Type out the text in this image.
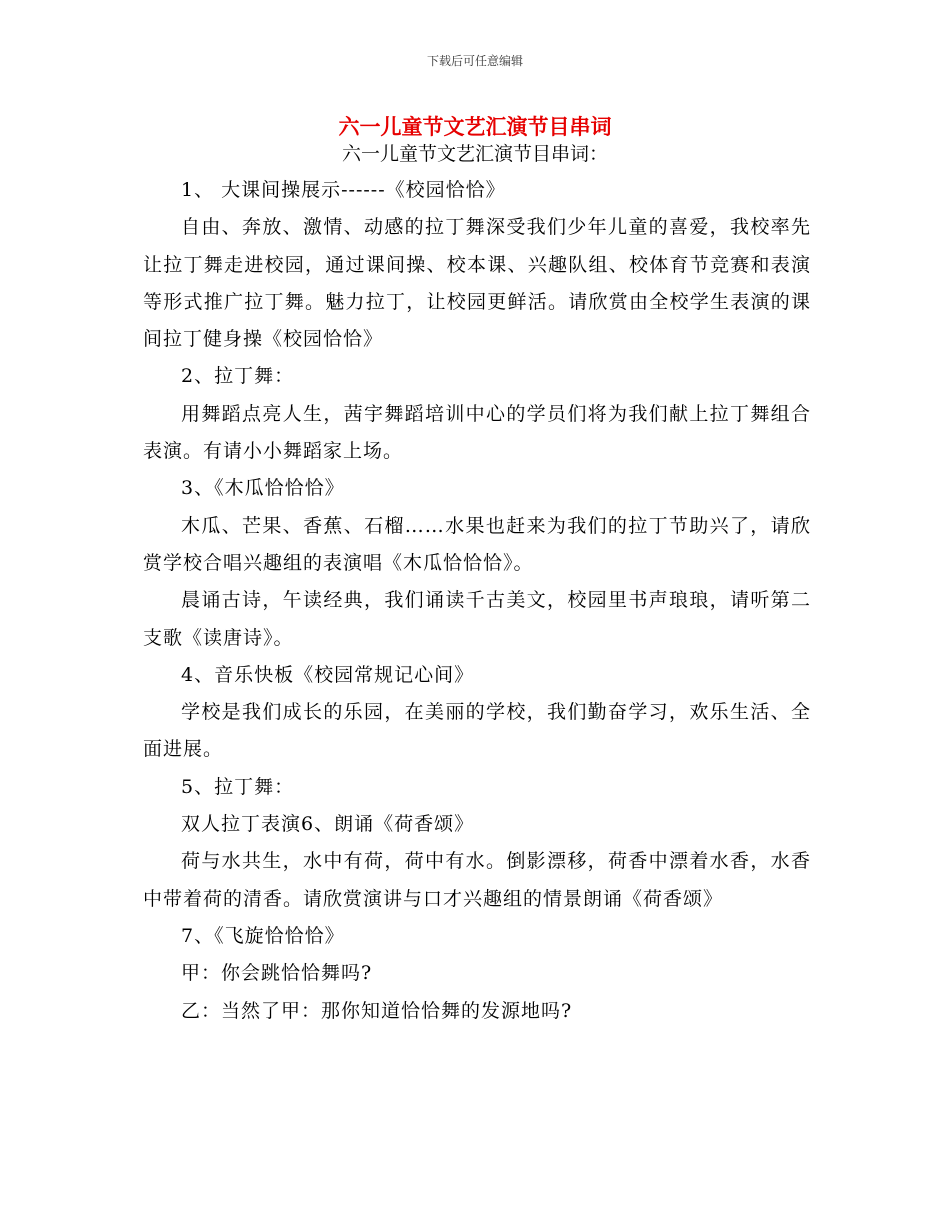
下载后可任意编辑
六一儿童节文艺汇演节目串词
六一儿童节文艺汇演节目串词：

1、 大课间操展示------《校园恰恰》

自由、奔放、激情、动感的拉丁舞深受我们少年儿童的喜爱，我校率先让拉丁舞走进校园，通过课间操、校本课、兴趣队组、校体育节竞赛和表演等形式推广拉丁舞。魅力拉丁，让校园更鲜活。请欣赏由全校学生表演的课间拉丁健身操《校园恰恰》

2、拉丁舞：

用舞蹈点亮人生，茜宇舞蹈培训中心的学员们将为我们献上拉丁舞组合表演。有请小小舞蹈家上场。

3、《木瓜恰恰恰》

木瓜、芒果、香蕉、石榴……水果也赶来为我们的拉丁节助兴了，请欣赏学校合唱兴趣组的表演唱《木瓜恰恰恰》。

晨诵古诗，午读经典，我们诵读千古美文，校园里书声琅琅，请听第二支歌《读唐诗》。

4、音乐快板《校园常规记心间》

学校是我们成长的乐园，在美丽的学校，我们勤奋学习，欢乐生活、全面进展。

5、拉丁舞：

双人拉丁表演6、朗诵《荷香颂》

荷与水共生，水中有荷，荷中有水。倒影漂移，荷香中漂着水香，水香中带着荷的清香。请欣赏演讲与口才兴趣组的情景朗诵《荷香颂》

7、《飞旋恰恰恰》

甲：你会跳恰恰舞吗?

乙：当然了甲：那你知道恰恰舞的发源地吗?
